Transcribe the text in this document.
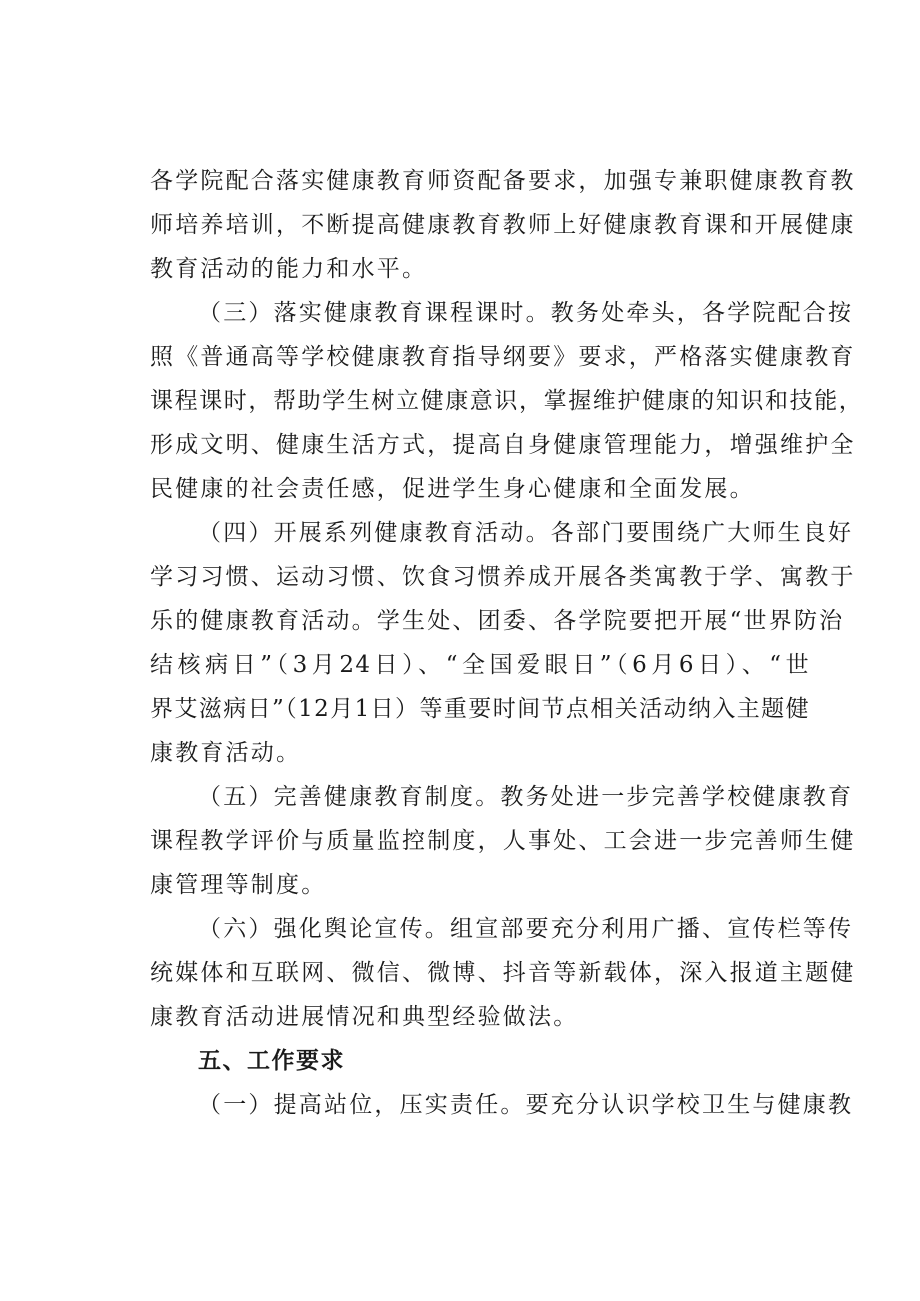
各学院配合落实健康教育师资配备要求，加强专兼职健康教育教
师培养培训，不断提高健康教育教师上好健康教育课和开展健康
教育活动的能力和水平。
（三）落实健康教育课程课时。教务处牵头，各学院配合按
照《普通高等学校健康教育指导纲要》要求，严格落实健康教育
课程课时，帮助学生树立健康意识，掌握维护健康的知识和技能，
形成文明、健康生活方式，提高自身健康管理能力，增强维护全
民健康的社会责任感，促进学生身心健康和全面发展。
（四）开展系列健康教育活动。各部门要围绕广大师生良好
学习习惯、运动习惯、饮食习惯养成开展各类寓教于学、寓教于
乐的健康教育活动。学生处、团委、各学院要把开展“世界防治
结核病日”（3月24日）、“全国爱眼日”（6月6日）、“世
界艾滋病日”（12月1日）等重要时间节点相关活动纳入主题健
康教育活动。
（五）完善健康教育制度。教务处进一步完善学校健康教育
课程教学评价与质量监控制度，人事处、工会进一步完善师生健
康管理等制度。
（六）强化舆论宣传。组宣部要充分利用广播、宣传栏等传
统媒体和互联网、微信、微博、抖音等新载体，深入报道主题健
康教育活动进展情况和典型经验做法。
五、工作要求
（一）提高站位，压实责任。要充分认识学校卫生与健康教
